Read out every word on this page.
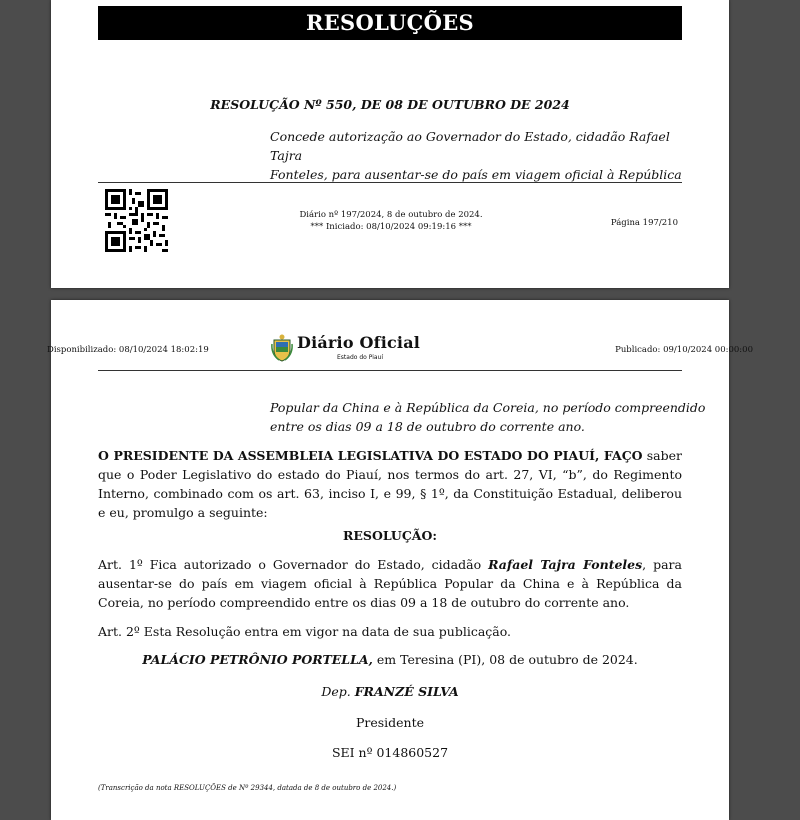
RESOLUÇÕES
RESOLUÇÃO Nº 550, DE 08 DE OUTUBRO DE 2024
Concede autorização ao Governador do Estado, cidadão Rafael Tajra
Fonteles, para ausentar-se do país em viagem oficial à República
Diário nº 197/2024, 8 de outubro de 2024.
*** Iniciado: 08/10/2024 09:19:16 ***	Página 197/210
Disponibilizado: 08/10/2024 18:02:19	Diário Oficial
Estado do Piauí
Publicado: 09/10/2024 00:00:00
Popular da China e à República da Coreia, no período compreendido
entre os dias 09 a 18 de outubro do corrente ano.
O PRESIDENTE DA ASSEMBLEIA LEGISLATIVA DO ESTADO DO PIAUÍ, FAÇO saber que o Poder Legislativo do estado do Piauí, nos termos do art. 27, VI, “b”, do Regimento Interno, combinado com os art. 63, inciso I, e 99, § 1º, da Constituição Estadual, deliberou e eu, promulgo a seguinte:
RESOLUÇÃO:
Art. 1º Fica autorizado o Governador do Estado, cidadão Rafael Tajra Fonteles, para ausentar-se do país em viagem oficial à República Popular da China e à República da Coreia, no período compreendido entre os dias 09 a 18 de outubro do corrente ano.
Art. 2º Esta Resolução entra em vigor na data de sua publicação.
PALÁCIO PETRÔNIO PORTELLA, em Teresina (PI), 08 de outubro de 2024.
Dep. FRANZÉ SILVA
Presidente
SEI nº 014860527
(Transcrição da nota RESOLUÇÕES de Nº 29344, datada de 8 de outubro de 2024.)
